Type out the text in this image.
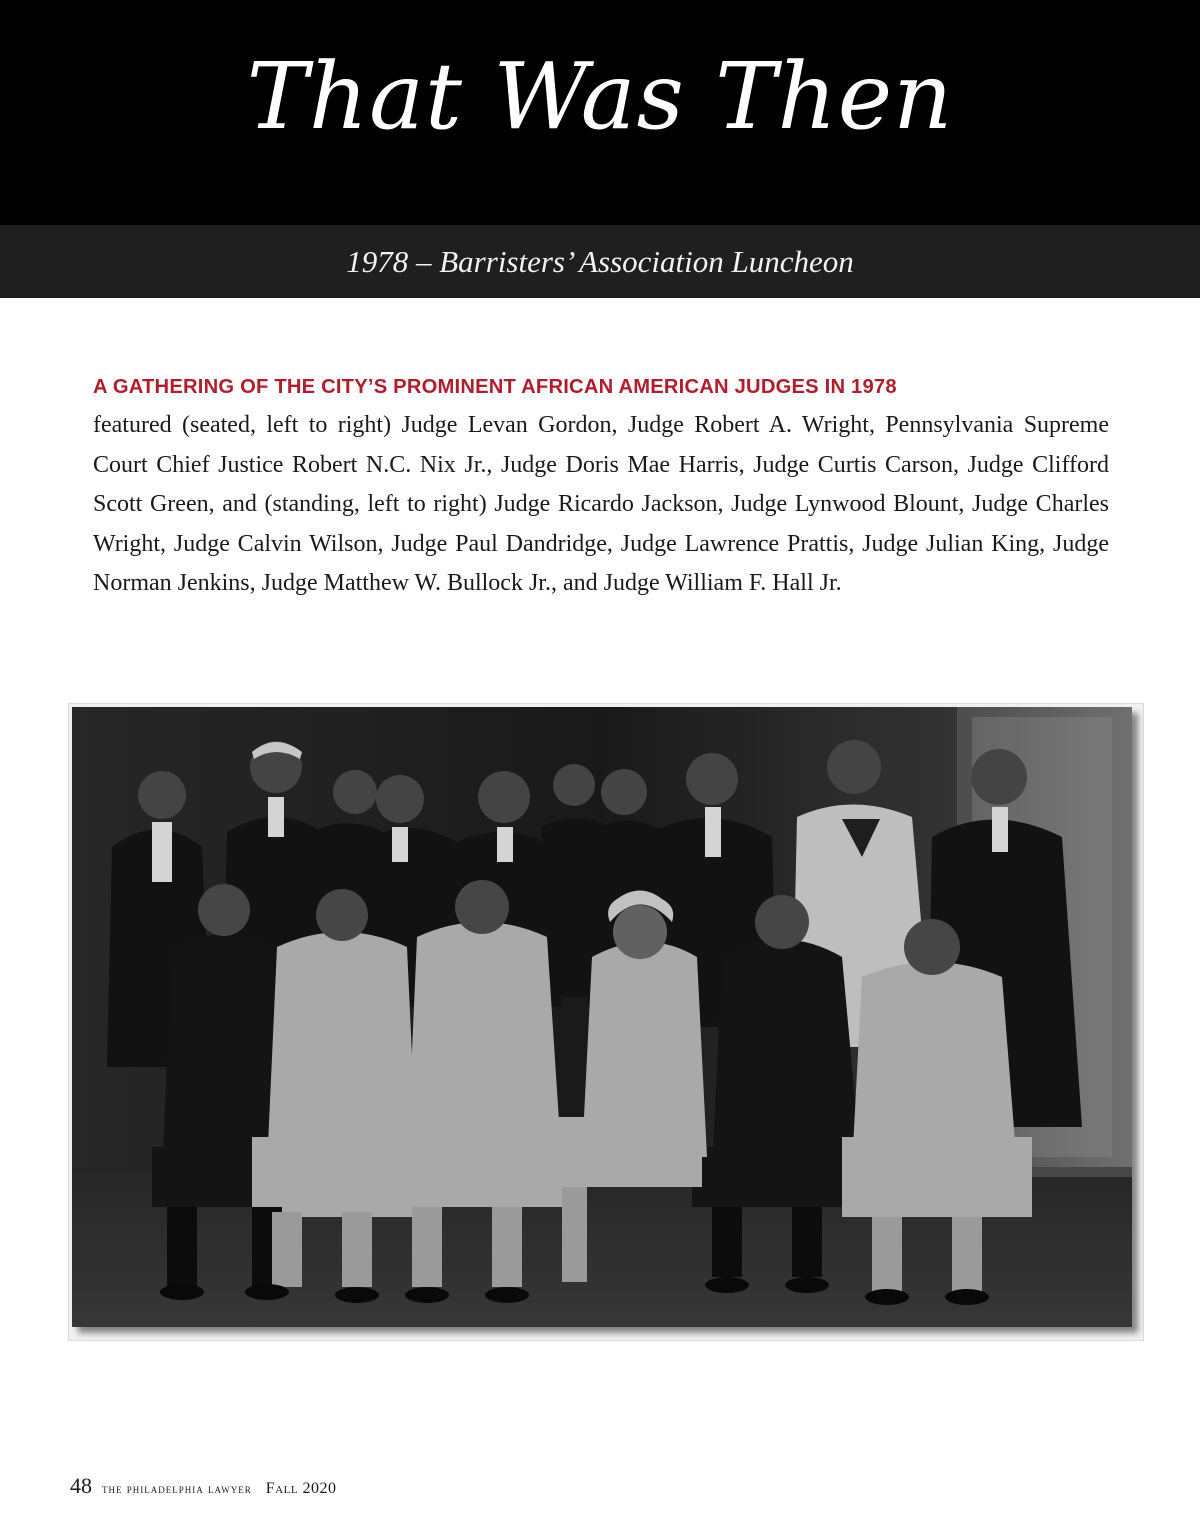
That Was Then
1978 – Barristers’ Association Luncheon

A GATHERING OF THE CITY’S PROMINENT AFRICAN AMERICAN JUDGES IN 1978
featured (seated, left to right) Judge Levan Gordon, Judge Robert A. Wright, Pennsylvania Supreme Court Chief Justice Robert N.C. Nix Jr., Judge Doris Mae Harris, Judge Curtis Carson, Judge Clifford Scott Green, and (standing, left to right) Judge Ricardo Jackson, Judge Lynwood Blount, Judge Charles Wright, Judge Calvin Wilson, Judge Paul Dandridge, Judge Lawrence Prattis, Judge Julian King, Judge Norman Jenkins, Judge Matthew W. Bullock Jr., and Judge William F. Hall Jr.

48 the philadelphia lawyer Fall 2020
